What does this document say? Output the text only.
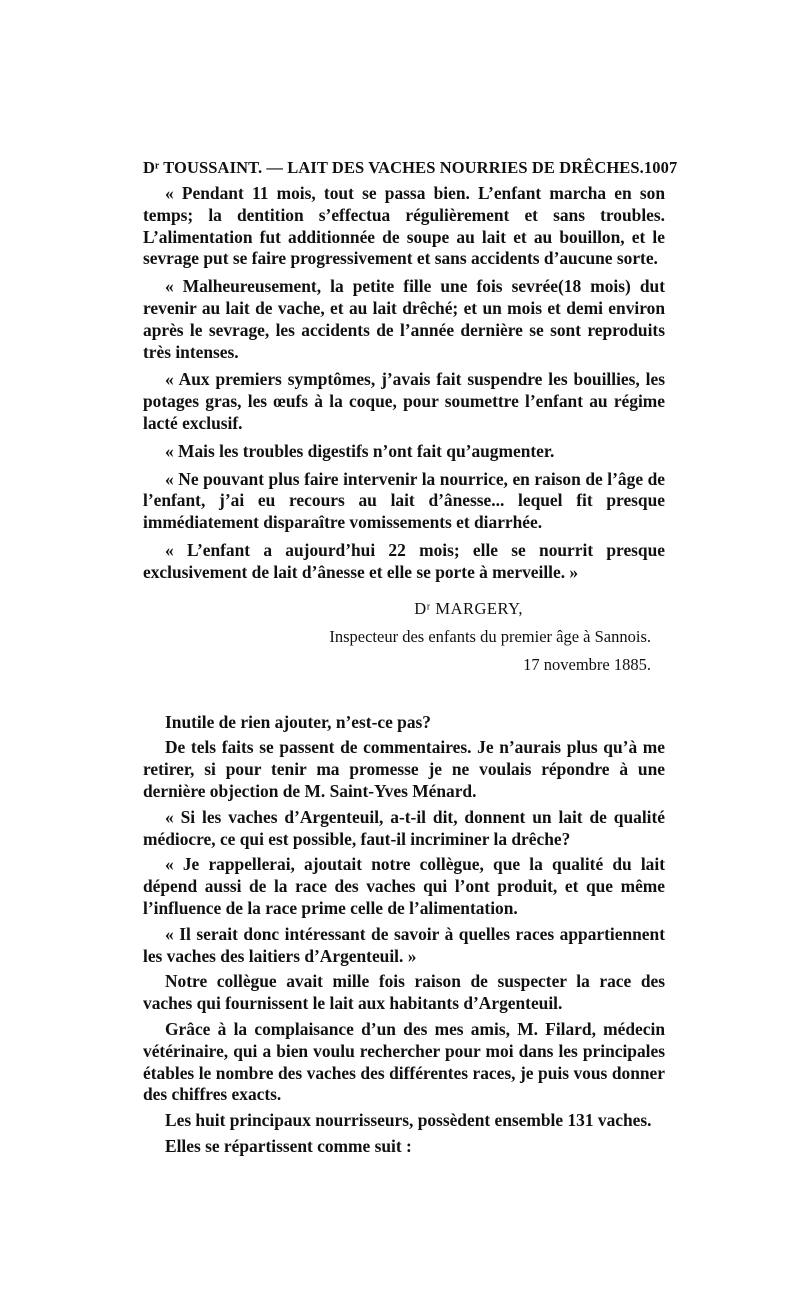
Dʳ TOUSSAINT. — LAIT DES VACHES NOURRIES DE DRÊCHES. 1007

« Pendant 11 mois, tout se passa bien. L’enfant marcha en son temps; la dentition s’effectua régulièrement et sans troubles. L’alimentation fut additionnée de soupe au lait et au bouillon, et le sevrage put se faire progressivement et sans accidents d’aucune sorte.

« Malheureusement, la petite fille une fois sevrée(18 mois) dut revenir au lait de vache, et au lait drêché; et un mois et demi environ après le sevrage, les accidents de l’année dernière se sont reproduits très intenses.

« Aux premiers symptômes, j’avais fait suspendre les bouillies, les potages gras, les œufs à la coque, pour soumettre l’enfant au régime lacté exclusif.

« Mais les troubles digestifs n’ont fait qu’augmenter.

« Ne pouvant plus faire intervenir la nourrice, en raison de l’âge de l’enfant, j’ai eu recours au lait d’ânesse... lequel fit presque immédiatement disparaître vomissements et diarrhée.

« L’enfant a aujourd’hui 22 mois; elle se nourrit presque exclusivement de lait d’ânesse et elle se porte à merveille. »

Dʳ MARGERY,
Inspecteur des enfants du premier âge à Sannois.
17 novembre 1885.

Inutile de rien ajouter, n’est-ce pas?

De tels faits se passent de commentaires. Je n’aurais plus qu’à me retirer, si pour tenir ma promesse je ne voulais répondre à une dernière objection de M. Saint-Yves Ménard.

« Si les vaches d’Argenteuil, a-t-il dit, donnent un lait de qualité médiocre, ce qui est possible, faut-il incriminer la drêche?

« Je rappellerai, ajoutait notre collègue, que la qualité du lait dépend aussi de la race des vaches qui l’ont produit, et que même l’influence de la race prime celle de l’alimentation.

« Il serait donc intéressant de savoir à quelles races appartiennent les vaches des laitiers d’Argenteuil. »

Notre collègue avait mille fois raison de suspecter la race des vaches qui fournissent le lait aux habitants d’Argenteuil.

Grâce à la complaisance d’un des mes amis, M. Filard, médecin vétérinaire, qui a bien voulu rechercher pour moi dans les principales étables le nombre des vaches des différentes races, je puis vous donner des chiffres exacts.

Les huit principaux nourrisseurs, possèdent ensemble 131 vaches.

Elles se répartissent comme suit :
